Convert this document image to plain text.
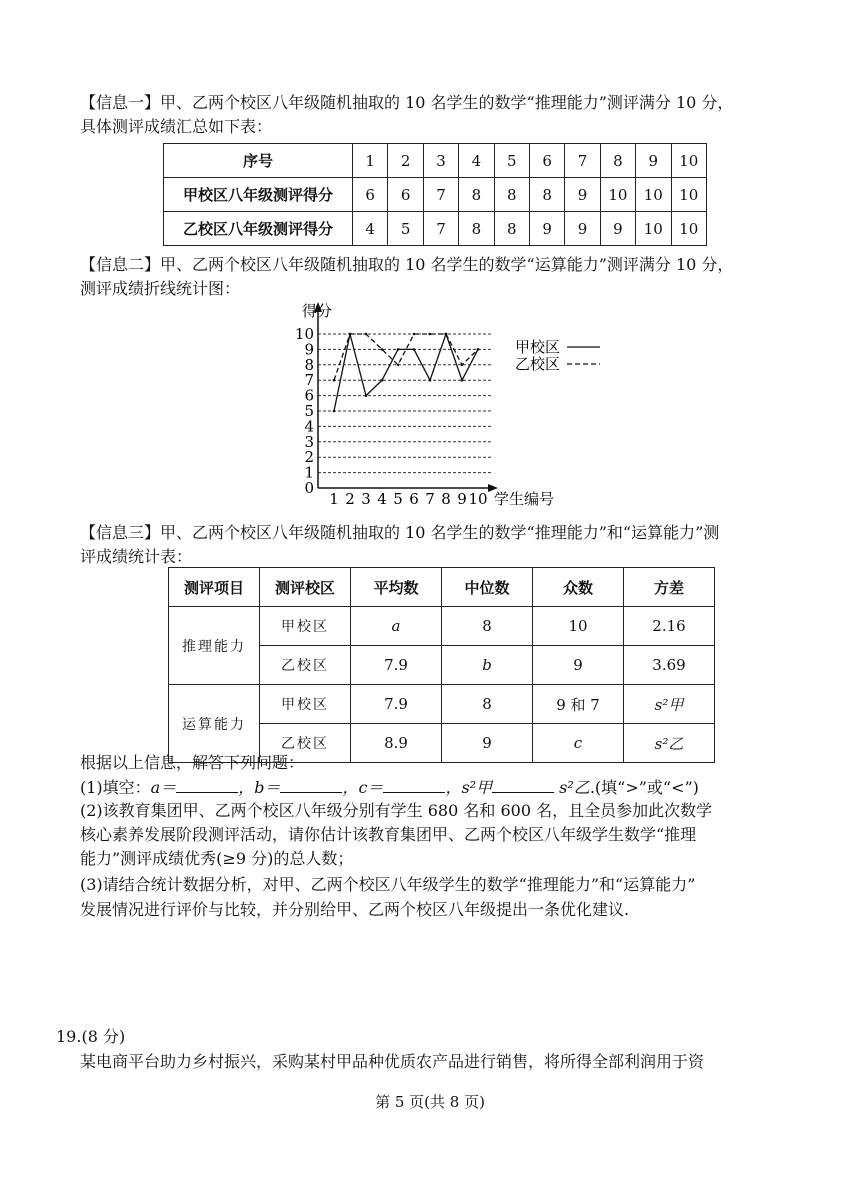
【信息一】甲、乙两个校区八年级随机抽取的 10 名学生的数学“推理能力”测评满分 10 分，
具体测评成绩汇总如下表：
序号	1	2	3	4	5	6	7	8	9	10
甲校区八年级测评得分	6	6	7	8	8	8	9	10	10	10
乙校区八年级测评得分	4	5	7	8	8	9	9	9	10	10
【信息二】甲、乙两个校区八年级随机抽取的 10 名学生的数学“运算能力”测评满分 10 分，
测评成绩折线统计图：
0
1
2
3
4
5
6
7
8
9
10
1 2 3 4 5 6 7 8 9 10
得分
学生编号
甲校区
乙校区
【信息三】甲、乙两个校区八年级随机抽取的 10 名学生的数学“推理能力”和“运算能力”测
评成绩统计表：
测评项目	测评校区	平均数	中位数	众数	方差
推理能力	甲校区	a	8	10	2.16
	乙校区	7.9	b	9	3.69
运算能力	甲校区	7.9	8	9 和 7	s²甲
	乙校区	8.9	9	c	s²乙
根据以上信息，解答下列问题：
(1)填空：a＝	，b＝	，c＝	，s²甲	s²乙.(填“>”或“<”)
(2)该教育集团甲、乙两个校区八年级分别有学生 680 名和 600 名，且全员参加此次数学
核心素养发展阶段测评活动，请你估计该教育集团甲、乙两个校区八年级学生数学“推理
能力”测评成绩优秀(≥9 分)的总人数；
(3)请结合统计数据分析，对甲、乙两个校区八年级学生的数学“推理能力”和“运算能力”
发展情况进行评价与比较，并分别给甲、乙两个校区八年级提出一条优化建议.
19.(8 分)
某电商平台助力乡村振兴，采购某村甲品种优质农产品进行销售，将所得全部利润用于资
第 5 页(共 8 页)
